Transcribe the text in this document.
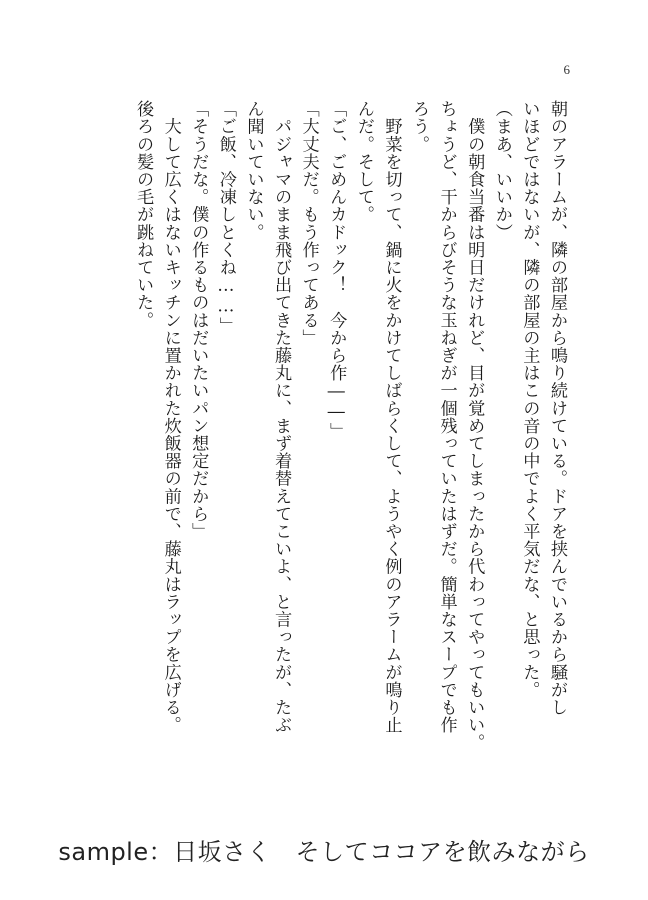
6

朝のアラームが、隣の部屋から鳴り続けている。ドアを挟んでいるから騒がし

いほどではないが、隣の部屋の主はこの音の中でよく平気だな、と思った。

（まあ、いいか）

　僕の朝食当番は明日だけれど、目が覚めてしまったから代わってやってもいい。

ちょうど、干からびそうな玉ねぎが一個残っていたはずだ。簡単なスープでも作

ろう。

　野菜を切って、鍋に火をかけてしばらくして、ようやく例のアラームが鳴り止

んだ。そして。

「ご、ごめんカドック！　今から作――」

「大丈夫だ。もう作ってある」

　パジャマのまま飛び出てきた藤丸に、まず着替えてこいよ、と言ったが、たぶ

ん聞いていない。

「ご飯、冷凍しとくね……」

「そうだな。僕の作るものはだいたいパン想定だから」

　大して広くはないキッチンに置かれた炊飯器の前で、藤丸はラップを広げる。

後ろの髪の毛が跳ねていた。

sample：日坂さく　そしてココアを飲みながら
